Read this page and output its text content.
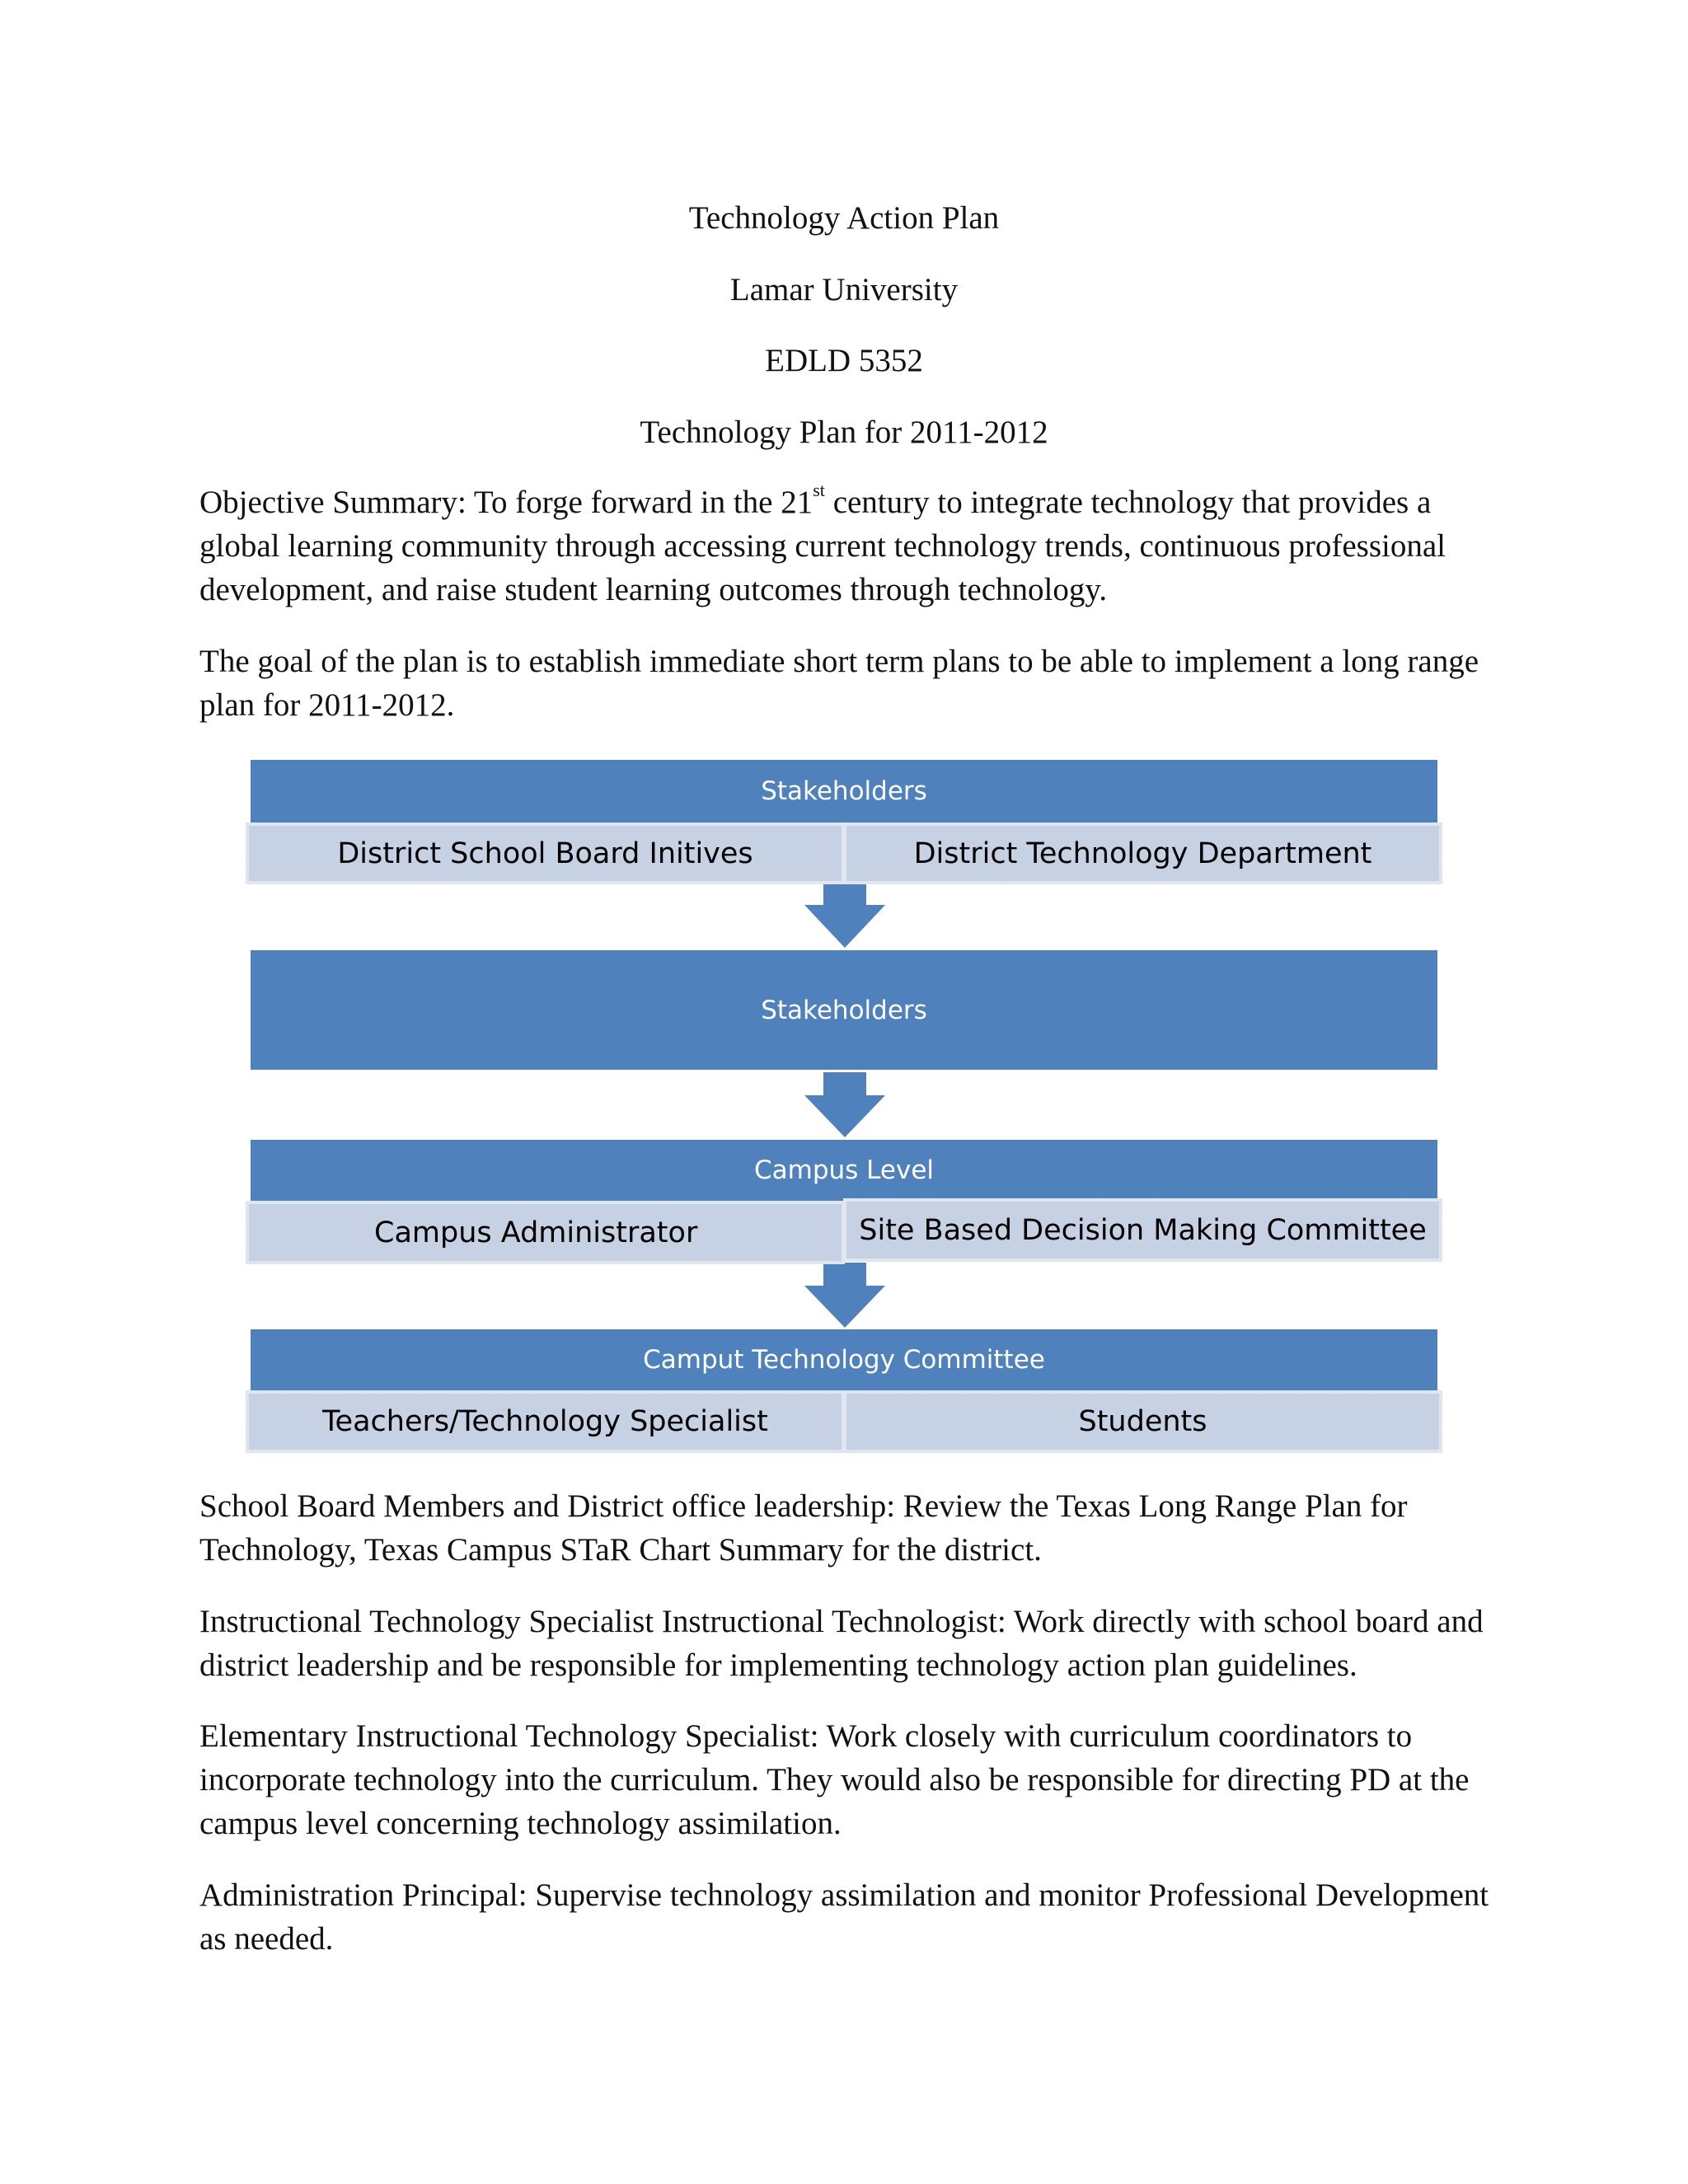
Technology Action Plan
Lamar University
EDLD 5352
Technology Plan for 2011-2012

Objective Summary: To forge forward in the 21st century to integrate technology that provides a global learning community through accessing current technology trends, continuous professional development, and raise student learning outcomes through technology.

The goal of the plan is to establish immediate short term plans to be able to implement a long range plan for 2011-2012.

Stakeholders
District School Board Initives	District Technology Department
Stakeholders
Campus Level
Campus Administrator	Site Based Decision Making Committee
Camput Technology Committee
Teachers/Technology Specialist	Students

School Board Members and District office leadership: Review the Texas Long Range Plan for Technology, Texas Campus STaR Chart Summary for the district.

Instructional Technology Specialist Instructional Technologist: Work directly with school board and district leadership and be responsible for implementing technology action plan guidelines.

Elementary Instructional Technology Specialist: Work closely with curriculum coordinators to incorporate technology into the curriculum. They would also be responsible for directing PD at the campus level concerning technology assimilation.

Administration Principal: Supervise technology assimilation and monitor Professional Development as needed.
